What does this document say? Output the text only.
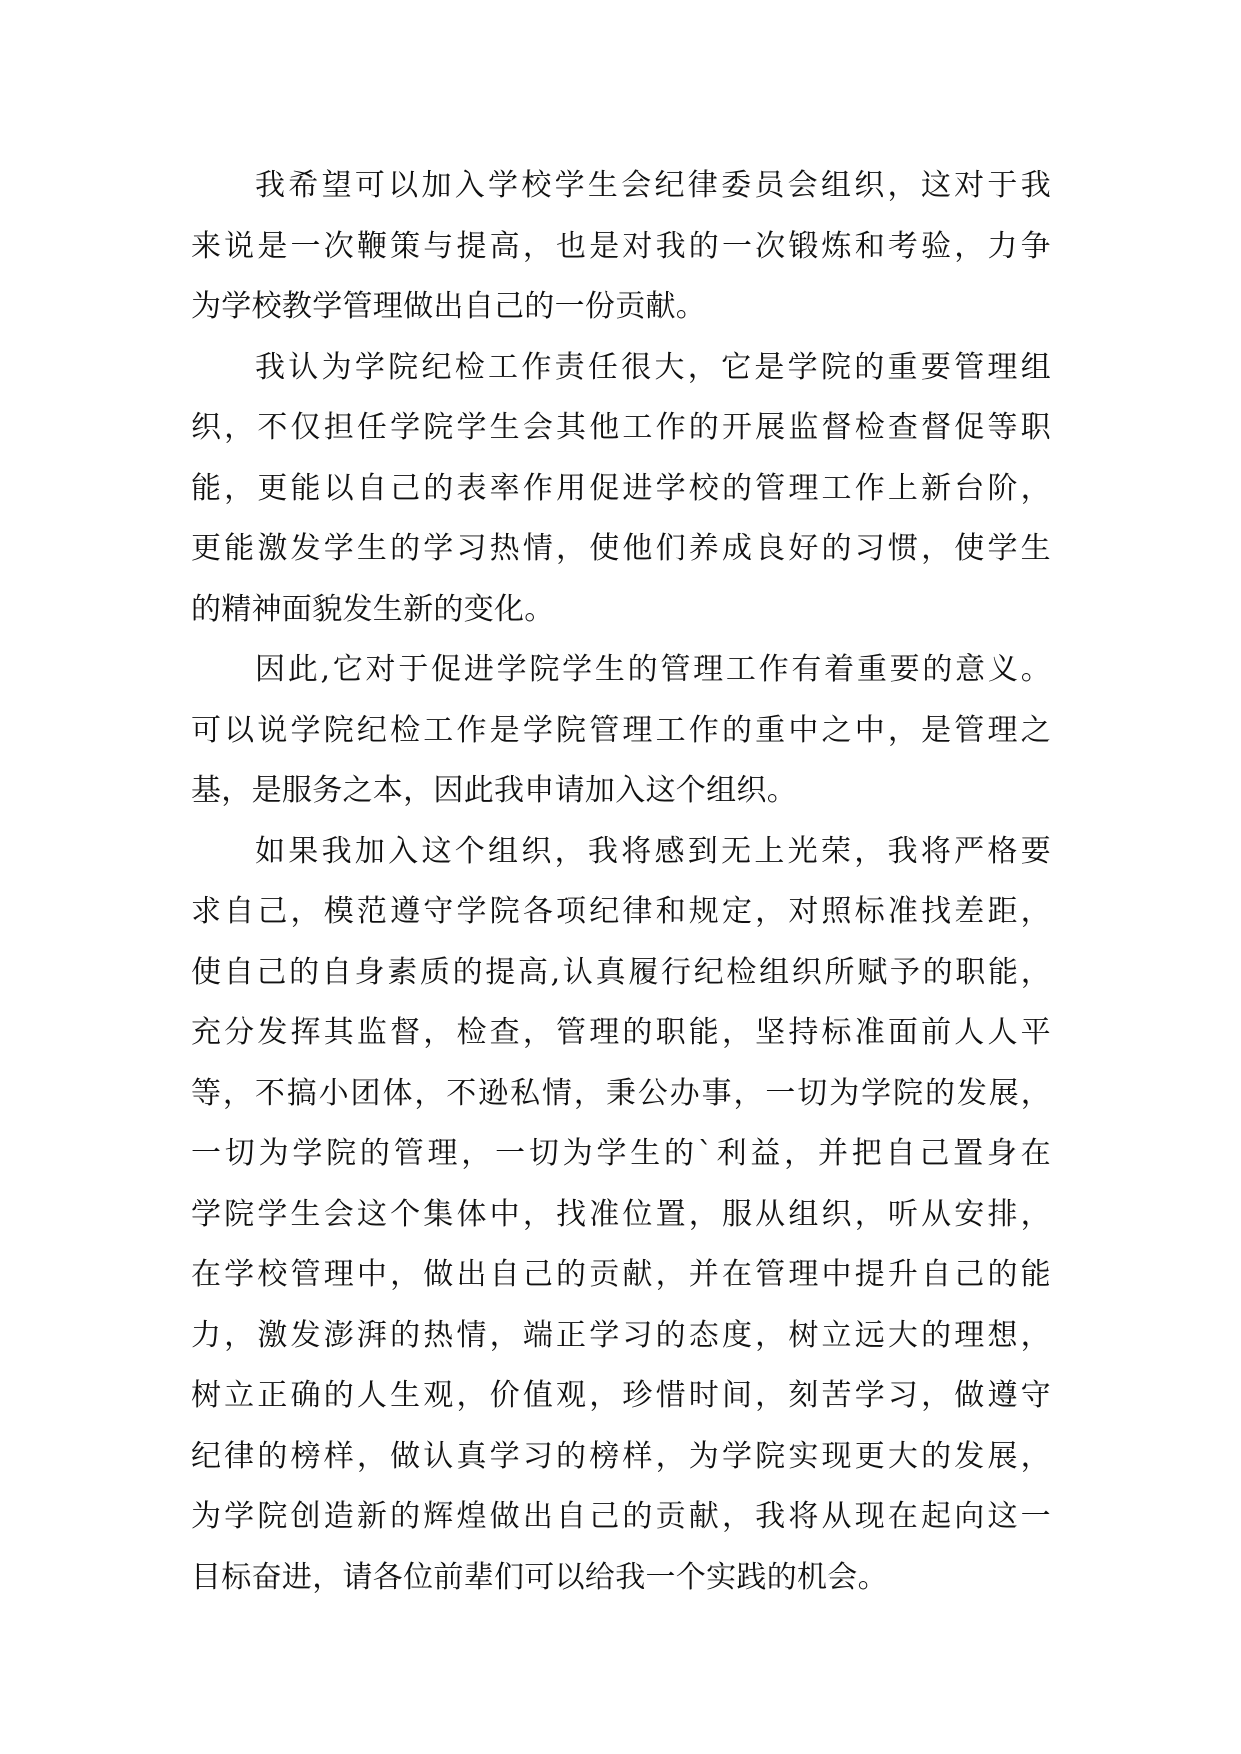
我希望可以加入学校学生会纪律委员会组织，这对于我
来说是一次鞭策与提高，也是对我的一次锻炼和考验，力争
为学校教学管理做出自己的一份贡献。
我认为学院纪检工作责任很大，它是学院的重要管理组
织，不仅担任学院学生会其他工作的开展监督检查督促等职
能，更能以自己的表率作用促进学校的管理工作上新台阶，
更能激发学生的学习热情，使他们养成良好的习惯，使学生
的精神面貌发生新的变化。
因此,它对于促进学院学生的管理工作有着重要的意义。
可以说学院纪检工作是学院管理工作的重中之中，是管理之
基，是服务之本，因此我申请加入这个组织。
如果我加入这个组织，我将感到无上光荣，我将严格要
求自己，模范遵守学院各项纪律和规定，对照标准找差距，
使自己的自身素质的提高,认真履行纪检组织所赋予的职能，
充分发挥其监督，检查，管理的职能，坚持标准面前人人平
等，不搞小团体，不逊私情，秉公办事，一切为学院的发展，
一切为学院的管理，一切为学生的`利益，并把自己置身在
学院学生会这个集体中，找准位置，服从组织，听从安排，
在学校管理中，做出自己的贡献，并在管理中提升自己的能
力，激发澎湃的热情，端正学习的态度，树立远大的理想，
树立正确的人生观，价值观，珍惜时间，刻苦学习，做遵守
纪律的榜样，做认真学习的榜样，为学院实现更大的发展，
为学院创造新的辉煌做出自己的贡献，我将从现在起向这一
目标奋进，请各位前辈们可以给我一个实践的机会。
